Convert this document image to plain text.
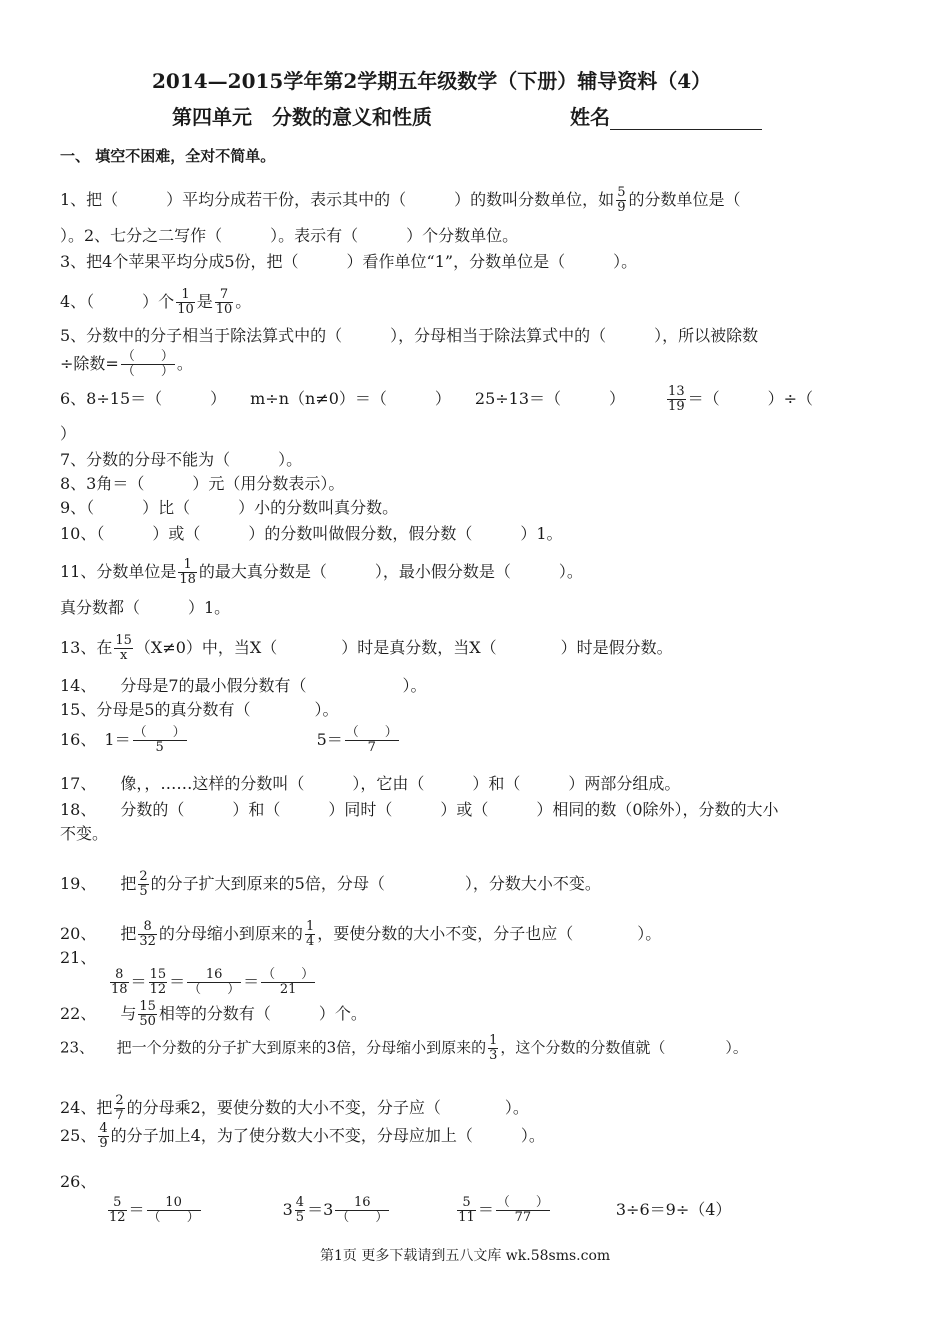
2014—2015学年第2学期五年级数学（下册）辅导资料（4）
第四单元　分数的意义和性质	姓名
一、 填空不困难，全对不简单。
1、把（　　　）平均分成若干份，表示其中的（　　　）的数叫分数单位，如 $\frac{5}{9}$ 的分数单位是（
）。2、七分之二写作（　　　）。表示有（　　　）个分数单位。
3、把4个苹果平均分成5份，把（　　　）看作单位“1”，分数单位是（　　　）。
4、（　　　）个 $\frac{1}{10}$ 是 $\frac{7}{10}$ 。
5、分数中的分子相当于除法算式中的（　　　），分母相当于除法算式中的（　　　），所以被除数
÷除数= $\frac{( )}{( )}$ 。
6、8÷15＝（　　　）　　m÷n（n≠0）＝（　　　）　　25÷13＝（　　　）　　　	$\frac{13}{19}$ ＝（　　　）÷（
）
7、分数的分母不能为（　　　）。
8、3角＝（　　　）元（用分数表示）。
9、（　　　）比（　　　）小的分数叫真分数。
10、（　　　）或（　　　）的分数叫做假分数，假分数（　　　）1。
11、分数单位是 $\frac{1}{18}$ 的最大真分数是（　　　），最小假分数是（　　　）。
真分数都（　　　）1。
13、在 $\frac{15}{x} (X\ne 0)$中，当X（　　　　）时是真分数，当X（　　　　）时是假分数。
14、　　分母是7的最小假分数有（　　　　　　）。
15、分母是5的真分数有（　　　　）。
16、　 $1= \frac{( )}{5}$
　　　　　　　　	$5= \frac{( )}{7}$
17、　　像，，……这样的分数叫（　　　），它由（　　　）和（　　　）两部分组成。
18、　　分数的（　　　）和（　　　）同时（　　　）或（　　　）相同的数（0除外），分数的大小
不变。
19、　　把 $\frac{2}{5}$ 的分子扩大到原来的5倍，分母（　　　　　），分数大小不变。
20、　　把 $\frac{8}{32}$ 的分母缩小到原来的 $\frac{1}{4}$ ，要使分数的大小不变，分子也应（　　　　）。
21、
$\frac{8}{18} = \frac{15}{12} = \frac{16}{( )} = \frac{( )}{21}$
22、　　与 $\frac{15}{50}$ 相等的分数有（　　　）个。
23、　　把一个分数的分子扩大到原来的3倍，分母缩小到原来的 $\frac{1}{3}$ ，这个分数的分数值就（　　　　）。
24、把 $\frac{2}{7}$ 的分母乘2，要使分数的大小不变，分子应（　　　　）。
25、 $\frac{4}{9}$ 的分子加上4，为了使分数大小不变，分母应加上（　　　）。
26、
$\frac{5}{12} = \frac{10}{( )}$
　　　　　	$3 \frac{4}{5} =3 \frac{16}{( )}$
　　　　	$\frac{5}{11} = \frac{( )}{77}$
　　　　	3÷6＝9÷（4）
第1页 更多下载请到五八文库 wk.58sms.com
